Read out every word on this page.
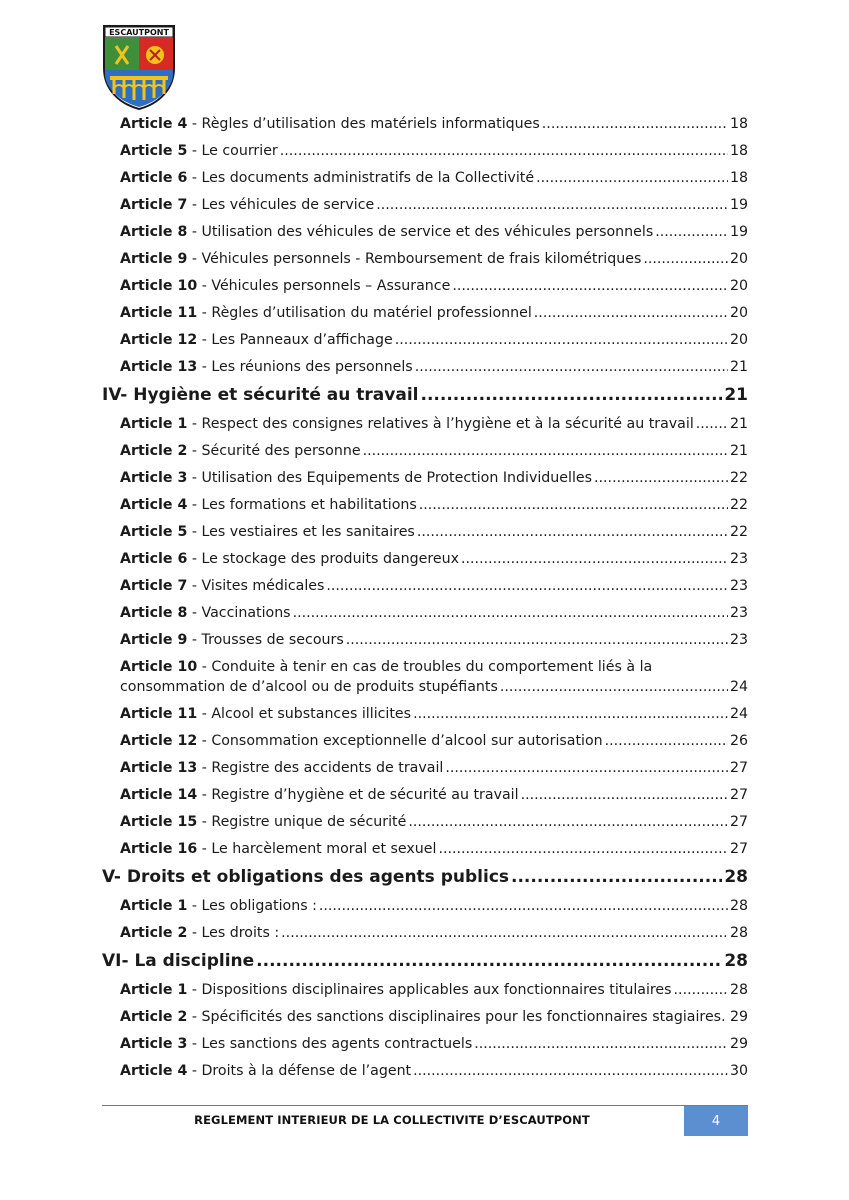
ESCAUTPONT
Article 4 - Règles d’utilisation des matériels informatiques .....	18
Article 5 - Le courrier .....	18
Article 6 - Les documents administratifs de la Collectivité .....	18
Article 7 - Les véhicules de service .....	19
Article 8 - Utilisation des véhicules de service et des véhicules personnels .....	19
Article 9 - Véhicules personnels - Remboursement de frais kilométriques .....	20
Article 10 - Véhicules personnels – Assurance .....	20
Article 11 - Règles d’utilisation du matériel professionnel .....	20
Article 12 - Les Panneaux d’affichage .....	20
Article 13 - Les réunions des personnels .....	21
IV- Hygiène et sécurité au travail .....	21
Article 1 - Respect des consignes relatives à l’hygiène et à la sécurité au travail .....	21
Article 2 - Sécurité des personne .....	21
Article 3 - Utilisation des Equipements de Protection Individuelles .....	22
Article 4 - Les formations et habilitations .....	22
Article 5 - Les vestiaires et les sanitaires .....	22
Article 6 - Le stockage des produits dangereux .....	23
Article 7 - Visites médicales .....	23
Article 8 - Vaccinations .....	23
Article 9 - Trousses de secours .....	23
Article 10 - Conduite à tenir en cas de troubles du comportement liés à la
consommation de d’alcool ou de produits stupéfiants .....	24
Article 11 - Alcool et substances illicites .....	24
Article 12 - Consommation exceptionnelle d’alcool sur autorisation .....	26
Article 13 - Registre des accidents de travail .....	27
Article 14 - Registre d’hygiène et de sécurité au travail .....	27
Article 15 - Registre unique de sécurité .....	27
Article 16 - Le harcèlement moral et sexuel .....	27
V- Droits et obligations des agents publics .....	28
Article 1 - Les obligations : .....	28
Article 2 - Les droits : .....	28
VI- La discipline .....	28
Article 1 - Dispositions disciplinaires applicables aux fonctionnaires titulaires .....	28
Article 2 - Spécificités des sanctions disciplinaires pour les fonctionnaires stagiaires. ..... 29
Article 3 - Les sanctions des agents contractuels .....	29
Article 4 - Droits à la défense de l’agent .....	30
REGLEMENT INTERIEUR DE LA COLLECTIVITE D’ESCAUTPONT	4
